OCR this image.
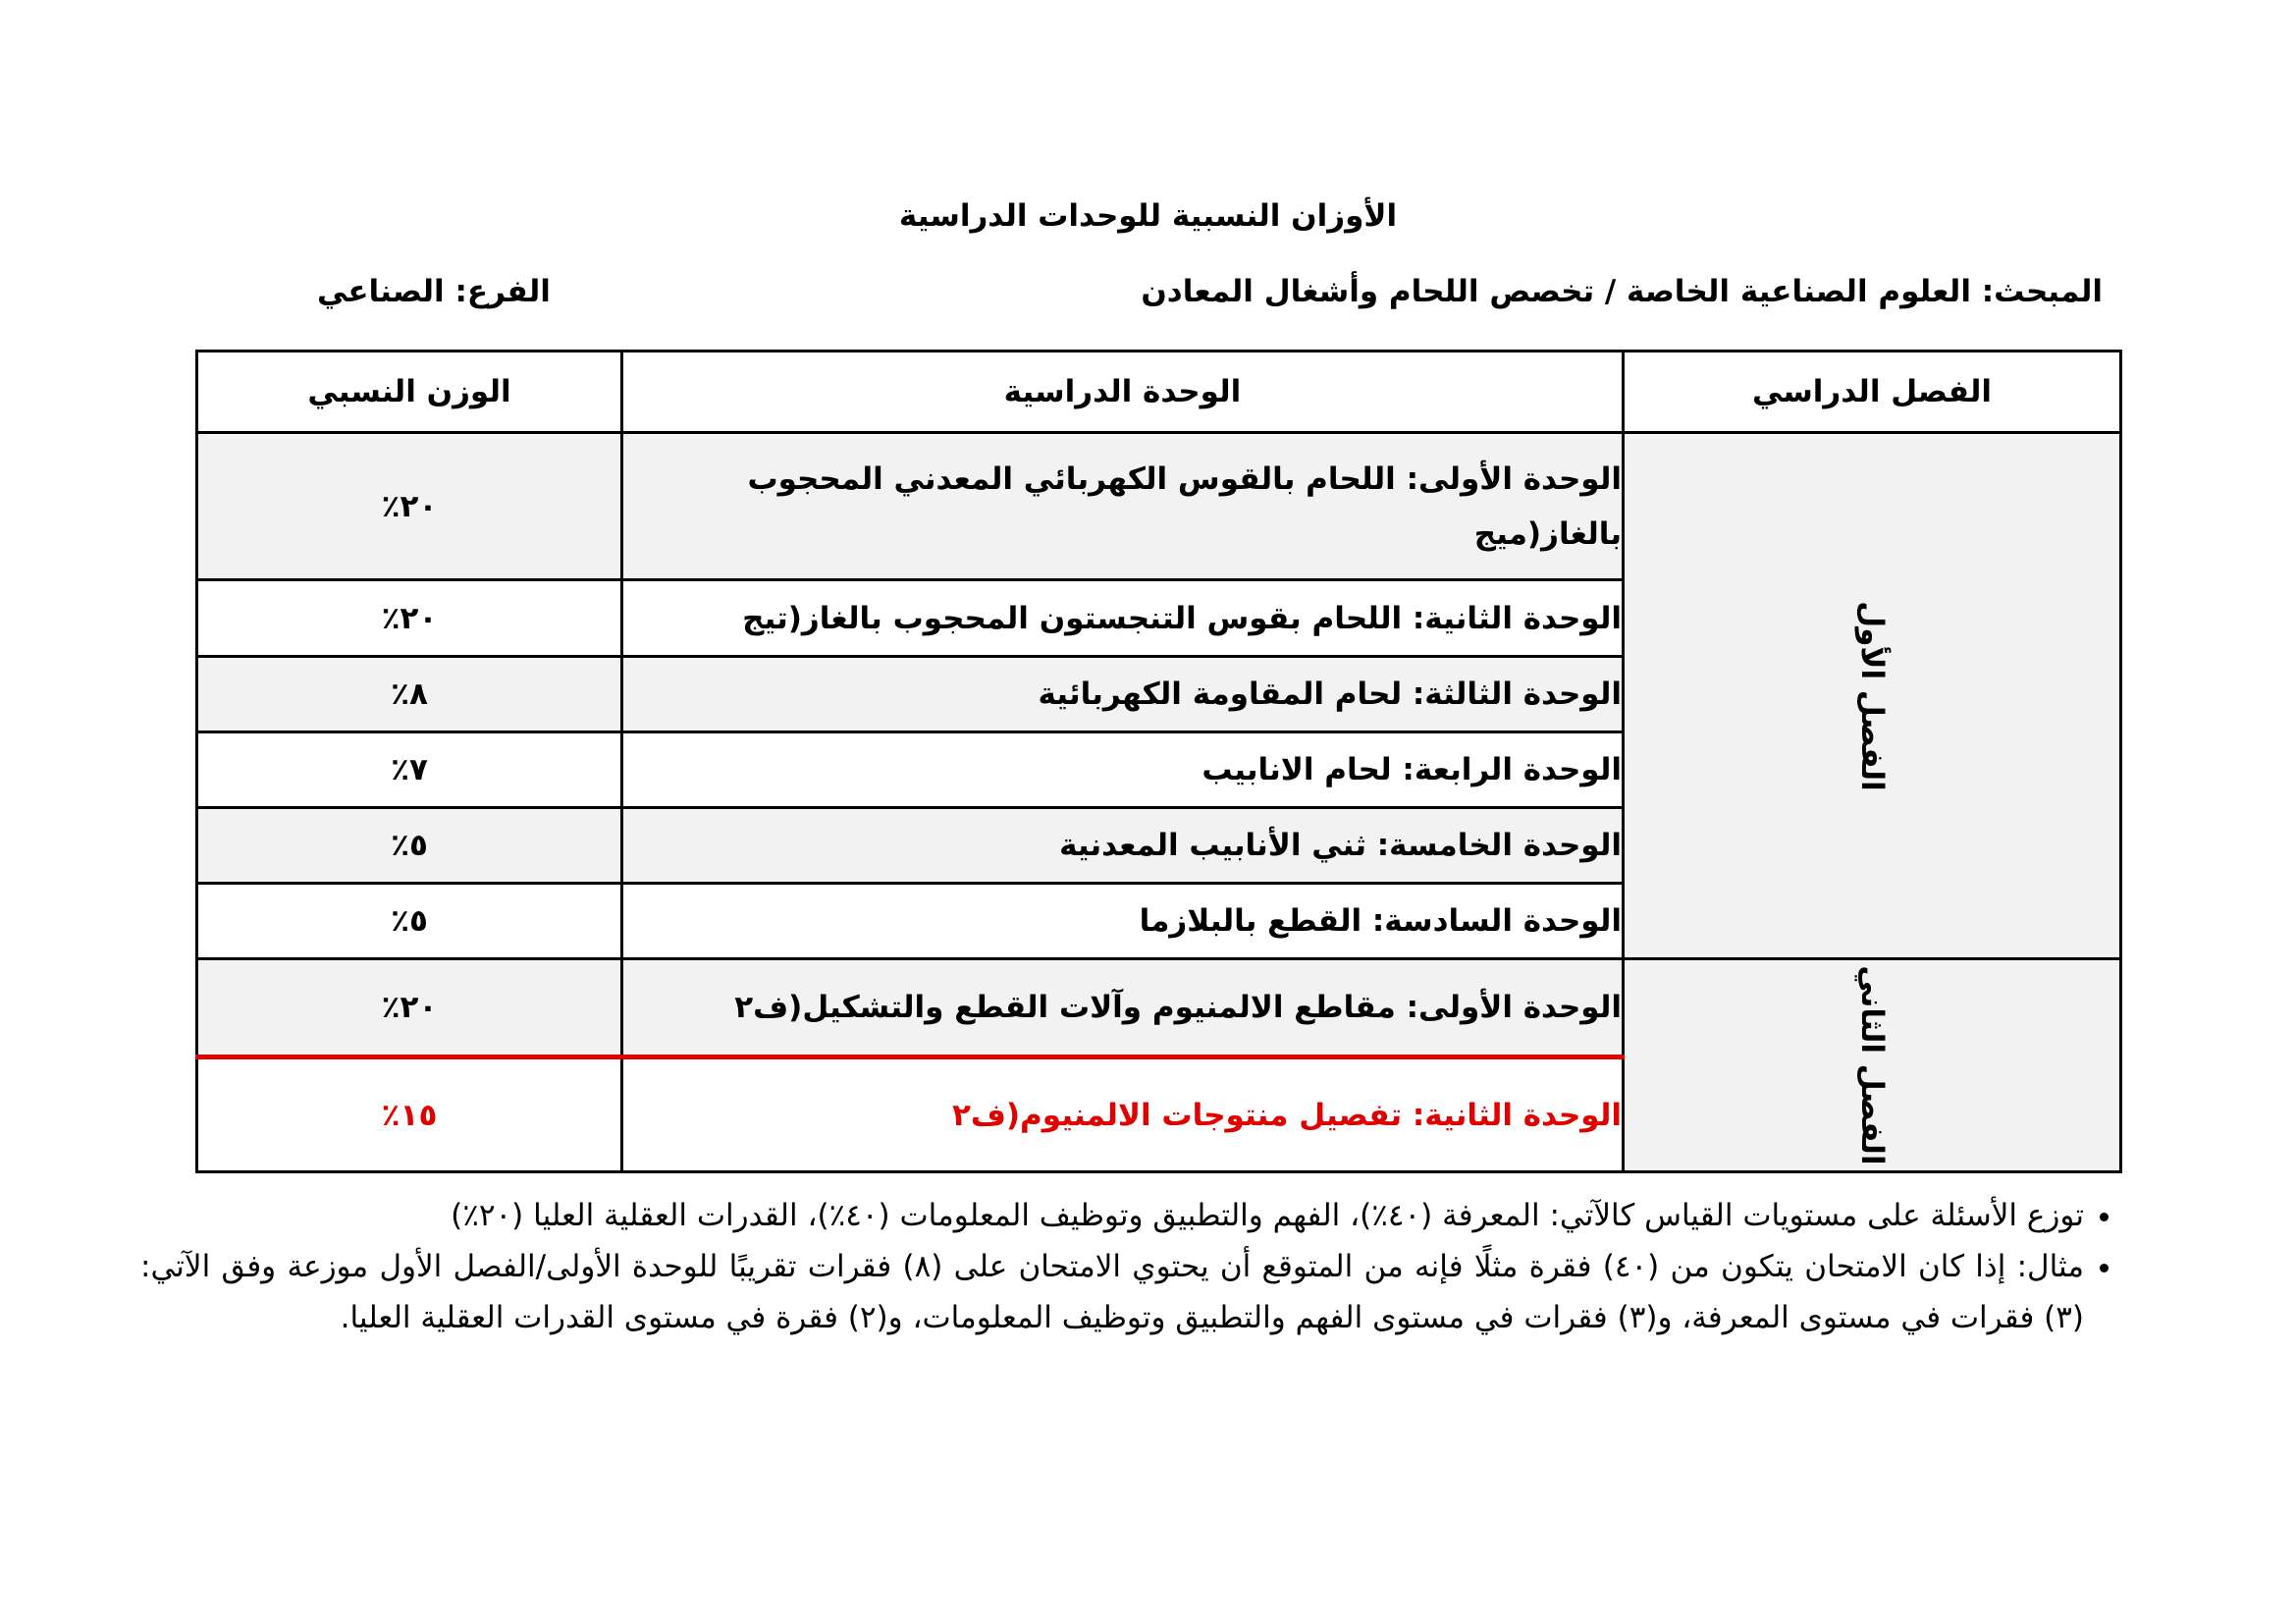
الأوزان النسبية للوحدات الدراسية
المبحث: العلوم الصناعية الخاصة / تخصص اللحام وأشغال المعادن
الفرع: الصناعي
الفصل الدراسي	الوحدة الدراسية	الوزن النسبي

الفصل الأول	الوحدة الأولى: اللحام بالقوس الكهربائي المعدني المحجوب بالغاز(ميج	٢٠٪
	الوحدة الثانية: اللحام بقوس التنجستون المحجوب بالغاز(تيج	٢٠٪
	الوحدة الثالثة: لحام المقاومة الكهربائية	٨٪
	الوحدة الرابعة: لحام الانابيب	٧٪
	الوحدة الخامسة: ثني الأنابيب المعدنية	٥٪
	الوحدة السادسة: القطع بالبلازما	٥٪

الفصل الثاني	الوحدة الأولى: مقاطع الالمنيوم وآلات القطع والتشكيل(ف٢	٢٠٪
	الوحدة الثانية: تفصيل منتوجات الالمنيوم(ف٢	١٥٪
• توزع الأسئلة على مستويات القياس كالآتي: المعرفة (٤٠٪)، الفهم والتطبيق وتوظيف المعلومات (٤٠٪)، القدرات العقلية العليا (٢٠٪)
• مثال: إذا كان الامتحان يتكون من (٤٠) فقرة مثلًا فإنه من المتوقع أن يحتوي الامتحان على (٨) فقرات تقريبًا للوحدة الأولى/الفصل الأول موزعة وفق الآتي: (٣) فقرات في مستوى المعرفة، و(٣) فقرات في مستوى الفهم والتطبيق وتوظيف المعلومات، و(٢) فقرة في مستوى القدرات العقلية العليا.
